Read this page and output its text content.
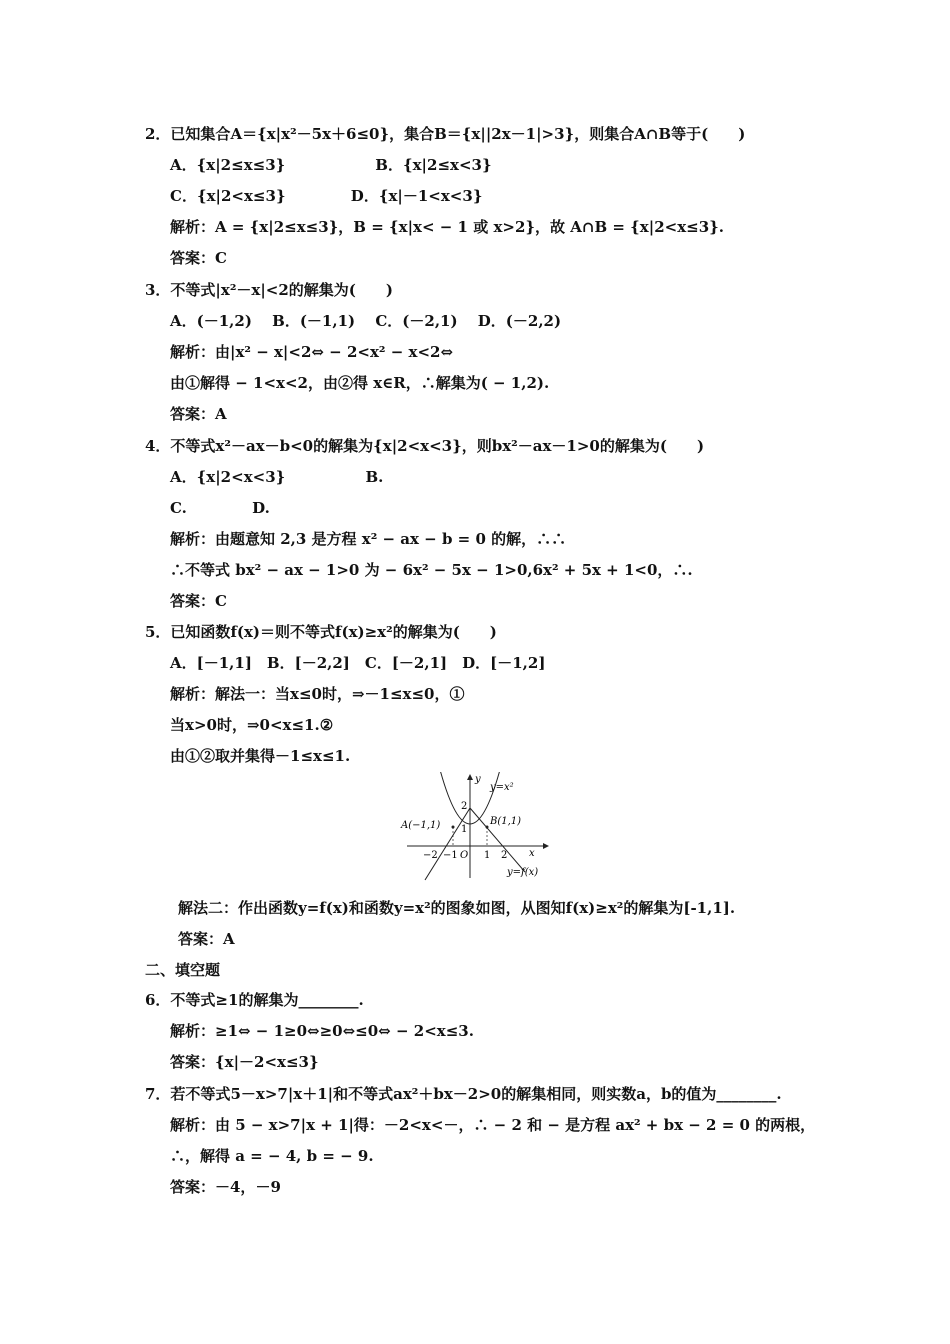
2．已知集合A＝{x|x²－5x＋6≤0}，集合B＝{x||2x－1|>3}，则集合A∩B等于(　　)
A．{x|2≤x≤3}　　　　　　B．{x|2≤x<3}
C．{x|2<x≤3}　　　　 D．{x|－1<x<3}
解析：A = {x|2≤x≤3}，B = {x|x< − 1 或 x>2}，故 A∩B = {x|2<x≤3}.
答案：C
3．不等式|x²－x|<2的解集为(　　)
A．(－1,2)　 B．(－1,1)　 C．(－2,1)　 D．(－2,2)
解析：由|x² − x|<2⇔ − 2<x² − x<2⇔
由①解得 − 1<x<2，由②得 x∈R，∴解集为( − 1,2).
答案：A
4．不等式x²－ax－b<0的解集为{x|2<x<3}，则bx²－ax－1>0的解集为(　　)
A．{x|2<x<3}　　　　　 B.
C.　　　　 D.
解析：由题意知 2,3 是方程 x² − ax − b = 0 的解，∴∴
∴不等式 bx² − ax − 1>0 为 − 6x² − 5x − 1>0,6x² + 5x + 1<0，∴.
答案：C
5．已知函数f(x)＝则不等式f(x)≥x²的解集为(　　)
A．[－1,1]　B．[－2,2]　C．[－2,1]　D．[－1,2]
解析：解法一：当x≤0时，⇒－1≤x≤0，①
当x>0时，⇒0<x≤1.②
由①②取并集得－1≤x≤1.
解法二：作出函数y=f(x)和函数y=x²的图象如图，从图知f(x)≥x²的解集为[-1,1].
答案：A
二、填空题
6．不等式≥1的解集为________.
解析：≥1⇔ − 1≥0⇔≥0⇔≤0⇔ − 2<x≤3.
答案：{x|－2<x≤3}
7．若不等式5－x>7|x＋1|和不等式ax²＋bx－2>0的解集相同，则实数a，b的值为________.
解析：由 5 − x>7|x + 1|得：－2<x<－，∴ − 2 和 − 是方程 ax² + bx − 2 = 0 的两根，
∴，解得 a = − 4, b = − 9.
答案：－4，－9
y
x
y=x²
y=f(x)
A(−1,1)	B(1,1)
2
1
−2 −1 O 1 2
